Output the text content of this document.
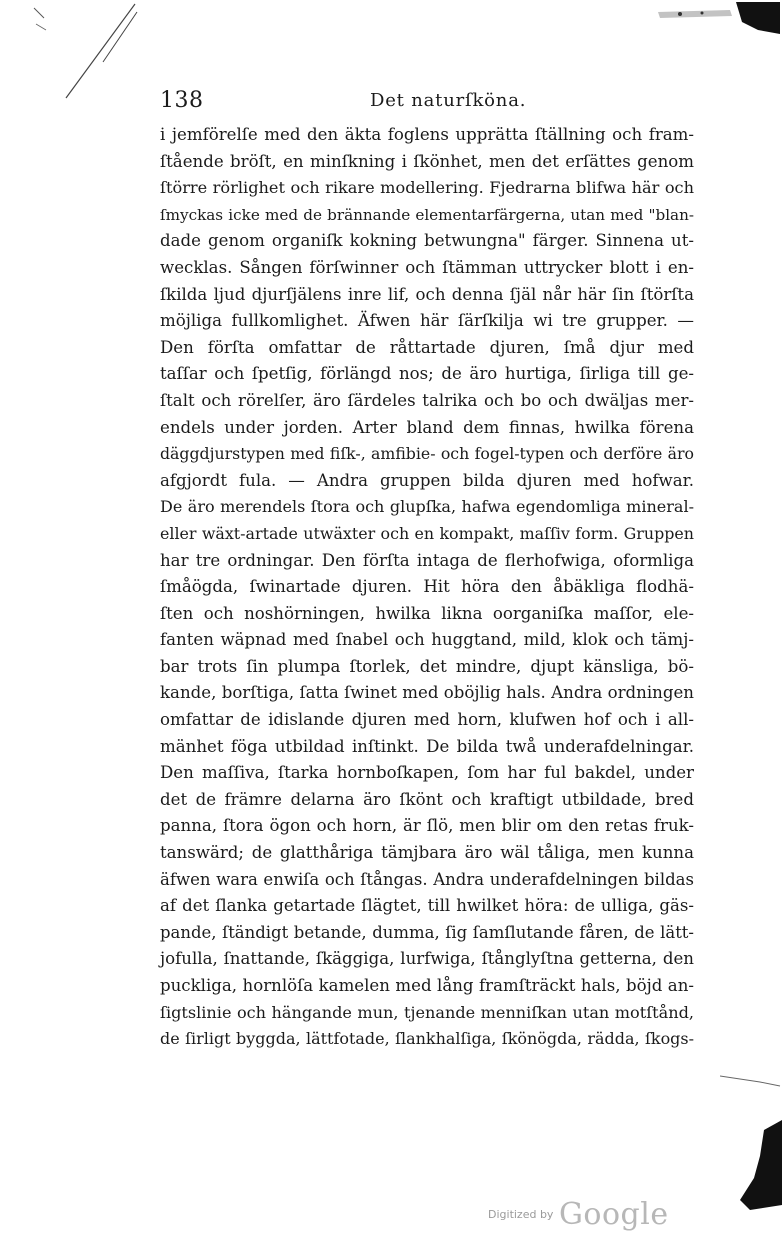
138	Det naturſköna.
i jemförelſe med den äkta foglens upprätta ſtällning och fram-
ſtående bröſt, en minſkning i ſkönhet, men det erſättes genom
ſtörre rörlighet och rikare modellering. Fjedrarna blifwa här och
ſmyckas icke med de brännande elementarfärgerna, utan med "blan-
dade genom organiſk kokning betwungna" färger. Sinnena ut-
wecklas. Sången förſwinner och ſtämman uttrycker blott i en-
ſkilda ljud djurſjälens inre lif, och denna ſjäl når här ſin ſtörſta
möjliga fullkomlighet. Äfwen här ſärſkilja wi tre grupper. —
Den förſta omfattar de råttartade djuren, ſmå djur med
taſſar och ſpetſig, förlängd nos; de äro hurtiga, ſirliga till ge-
ſtalt och rörelſer, äro ſärdeles talrika och bo och dwäljas mer-
endels under jorden. Arter bland dem finnas, hwilka förena
däggdjurstypen med fiſk-, amfibie- och fogel-typen och derföre äro
afgjordt fula. — Andra gruppen bilda djuren med hofwar.
De äro merendels ſtora och glupſka, hafwa egendomliga mineral-
eller wäxt-artade utwäxter och en kompakt, maſſiv form. Gruppen
har tre ordningar. Den förſta intaga de flerhofwiga, oformliga
ſmåögda, ſwinartade djuren. Hit höra den åbäkliga flodhä-
ſten och noshörningen, hwilka likna oorganiſka maſſor, ele-
fanten wäpnad med ſnabel och huggtand, mild, klok och tämj-
bar trots ſin plumpa ſtorlek, det mindre, djupt känsliga, bö-
kande, borſtiga, ſatta ſwinet med oböjlig hals. Andra ordningen
omfattar de idislande djuren med horn, klufwen hof och i all-
mänhet föga utbildad inſtinkt. De bilda twå underafdelningar.
Den maſſiva, ſtarka hornboſkapen, ſom har ful bakdel, under
det de främre delarna äro ſkönt och kraftigt utbildade, bred
panna, ſtora ögon och horn, är ſlö, men blir om den retas fruk-
tanswärd; de glatthåriga tämjbara äro wäl tåliga, men kunna
äfwen wara enwiſa och ſtångas. Andra underafdelningen bildas
af det ſlanka getartade ſlägtet, till hwilket höra: de ulliga, gäs-
pande, ſtändigt betande, dumma, ſig ſamſlutande fåren, de lätt-
jofulla, ſnattande, ſkäggiga, lurfwiga, ſtånglyſtna getterna, den
puckliga, hornlöſa kamelen med lång framſträckt hals, böjd an-
ſigtslinie och hängande mun, tjenande menniſkan utan motſtånd,
de ſirligt byggda, lättfotade, ſlankhalſiga, ſkönögda, rädda, ſkogs-
Digitized by Google
